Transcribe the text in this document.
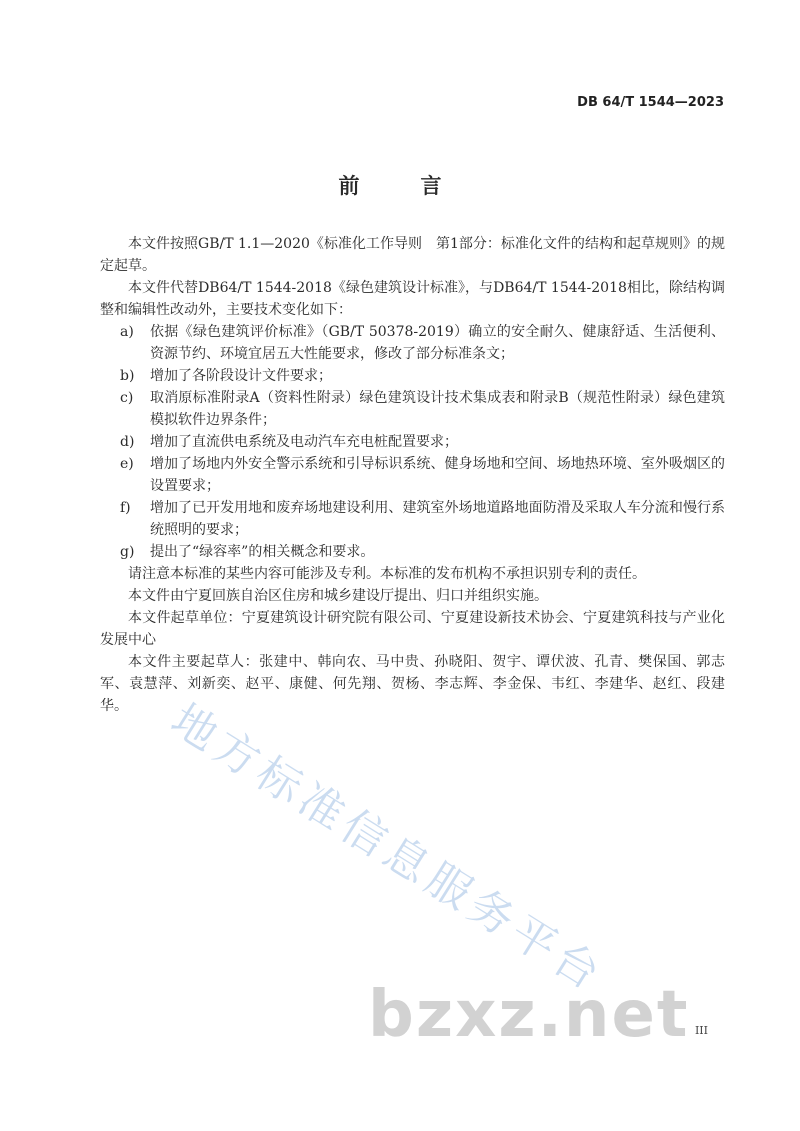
DB 64/T 1544—2023
前　言

本文件按照GB/T 1.1—2020《标准化工作导则　第1部分：标准化文件的结构和起草规则》的规定起草。

本文件代替DB64/T 1544-2018《绿色建筑设计标准》，与DB64/T 1544-2018相比，除结构调整和编辑性改动外，主要技术变化如下：

a)	依据《绿色建筑评价标准》（GB/T 50378-2019）确立的安全耐久、健康舒适、生活便利、资源节约、环境宜居五大性能要求，修改了部分标准条文；
b)	增加了各阶段设计文件要求；
c)	取消原标准附录A（资料性附录）绿色建筑设计技术集成表和附录B（规范性附录）绿色建筑模拟软件边界条件；
d)	增加了直流供电系统及电动汽车充电桩配置要求；
e)	增加了场地内外安全警示系统和引导标识系统、健身场地和空间、场地热环境、室外吸烟区的设置要求；
f)	增加了已开发用地和废弃场地建设利用、建筑室外场地道路地面防滑及采取人车分流和慢行系统照明的要求；
g)	提出了“绿容率”的相关概念和要求。

请注意本标准的某些内容可能涉及专利。本标准的发布机构不承担识别专利的责任。

本文件由宁夏回族自治区住房和城乡建设厅提出、归口并组织实施。

本文件起草单位：宁夏建筑设计研究院有限公司、宁夏建设新技术协会、宁夏建筑科技与产业化发展中心

本文件主要起草人：张建中、韩向农、马中贵、孙晓阳、贺宇、谭伏波、孔青、樊保国、郭志军、袁慧萍、刘新奕、赵平、康健、何先翔、贺杨、李志辉、李金保、韦红、李建华、赵红、段建华。 地方标准信息服务平台
bzxz.net III
